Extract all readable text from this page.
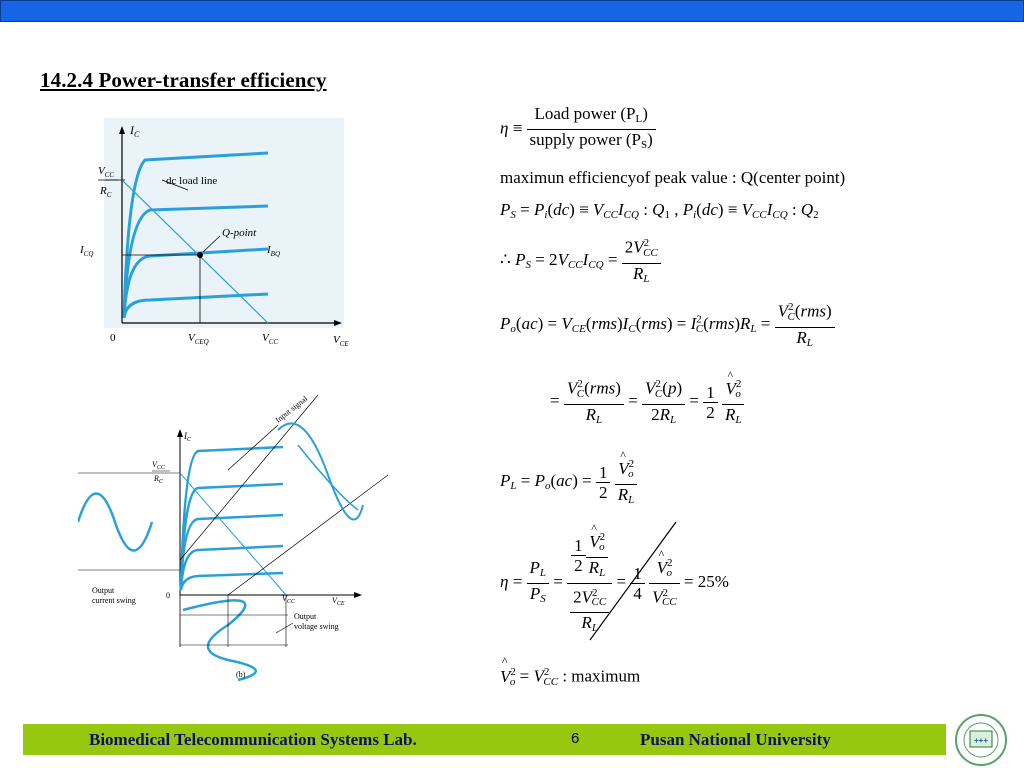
14.2.4 Power-transfer efficiency
$I_C$
$V_{CC}$
$R_C$
dc load line
Q-point
$I_{CQ}$	$I_{BQ}$
0	$V_{CEQ}$	$V_{CC}$	$V_{CE}$
$I_C$
$V_{CC}$
$R_C$
Input signal
Output
current swing
0	$V_{CC}$	$V_{CE}$
Output
voltage swing
(b)
$\eta \equiv \frac{Load power (P_L)}{supply power (P_S)}$
maximun efficiencyof peak value : Q(center point)
$P_S = P_i(dc) \equiv V_{CC}I_{CQ}$ : $Q_1$ , $P_i(dc) \equiv V_{CC}I_{CQ}$ : $Q_2$
∴ $P_S = 2V_{CC}I_{CQ} = \frac{2V^2_{CC}}{R_L}$
$P_o(ac) = V_{CE}(rms)I_C(rms) = I^2_C(rms)R_L = \frac{V^2_C(rms)}{R_L}$
= $\frac{V^2_C(rms)}{R_L} = \frac{V^2_C(p)}{2R_L} = \frac{1}{2}$

^ $\frac{V^2_o}{R_L}$
$P_L = P_o(ac) = \frac{1}{2}$

^ $\frac{V^2_o}{R_L}$
$\eta = \frac{P_L}{P_S} = \frac{1}{2}$
^ $\frac{V^2_o}{R_L}$
$\frac{2V^2_{CC}}{R_L} = \frac{1}{4}$

^ $\frac{V^2_o}{V^2_{CC}} = 25\%$
^ $V^2_o = V^2_{CC}$ : maximum
Biomedical Telecommunication Systems Lab.	6	Pusan National University	+++
